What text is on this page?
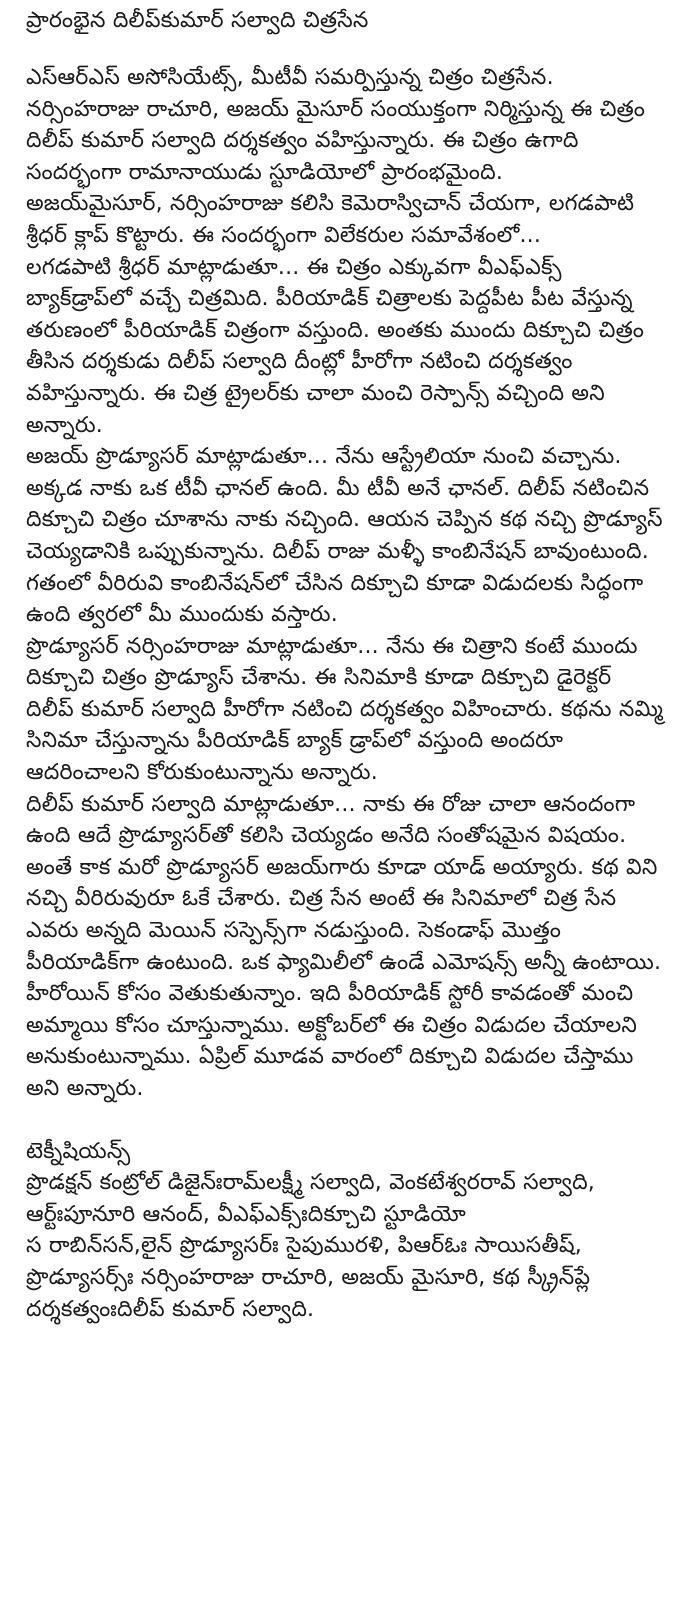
ప్రారంభైన దిలీప్‌కుమార్ సల్వాది చిత్రసేన

ఎస్ఆర్ఎస్ అసోసియేట్స్, మీటీవీ సమర్పిస్తున్న చిత్రం చిత్రసేన. నర్సింహరాజు రాచూరి, అజయ్ మైసూర్ సంయుక్తంగా నిర్మిస్తున్న ఈ చిత్రం దిలీప్ కుమార్ సల్వాది దర్శకత్వం వహిస్తున్నారు. ఈ చిత్రం ఉగాది సందర్భంగా రామానాయుడు స్టూడియోలో ప్రారంభమైంది.

అజయ్‌మైసూర్, నర్సింహరాజు కలిసి కెమెరాస్విచాన్ చేయగా, లగడపాటి శ్రీధర్ క్లాప్ కొట్టారు. ఈ సందర్భంగా విలేకరుల సమావేశంలో...

లగడపాటి శ్రీధర్ మాట్లాడుతూ... ఈ చిత్రం ఎక్కువగా వీఎఫ్ఎక్స్ బ్యాక్‌డ్రాప్‌లో వచ్చే చిత్రమిది. పీరియాడిక్ చిత్రాలకు పెద్దపీట పీట వేస్తున్న తరుణంలో పీరియాడిక్ చిత్రంగా వస్తుంది. అంతకు ముందు దిక్చూచి చిత్రం తీసిన దర్శకుడు దిలీప్ సల్వాది దీంట్లో హీరోగా నటించి దర్శకత్వం వహిస్తున్నారు. ఈ చిత్ర ట్రైలర్‌కు చాలా మంచి రెస్పాన్స్ వచ్చింది అని అన్నారు.

అజయ్ ప్రొడ్యూసర్ మాట్లాడుతూ... నేను ఆస్ట్రేలియా నుంచి వచ్చాను. అక్కడ నాకు ఒక టీవీ ఛానల్ ఉంది. మీ టీవీ అనే ఛానల్. దిలీప్ నటించిన దిక్చూచి చిత్రం చూశాను నాకు నచ్చింది. ఆయన చెప్పిన కథ నచ్చి ప్రొడ్యూస్ చెయ్యడానికి ఒప్పుకున్నాను. దిలీప్ రాజు మళ్ళీ కాంబినేషన్ బావుంటుంది. గతంలో వీరిరువి కాంబినేషన్‌లో చేసిన దిక్చూచి కూడా విడుదలకు సిద్ధంగా ఉంది త్వరలో మీ ముందుకు వస్తారు.

ప్రొడ్యూసర్ నర్సింహరాజు మాట్లాడుతూ... నేను ఈ చిత్రాని కంటే ముందు దిక్చూచి చిత్రం ప్రొడ్యూస్ చేశాను. ఈ సినిమాకి కూడా దిక్చూచి డైరెక్టర్ దిలీప్ కుమార్ సల్వాది హీరోగా నటించి దర్శకత్వం విహించారు. కథను నమ్మి సినిమా చేస్తున్నాను పీరియాడిక్ బ్యాక్ డ్రాప్‌లో వస్తుంది అందరూ ఆదరించాలని కోరుకుంటున్నాను అన్నారు.

దిలీప్ కుమార్ సల్వాది మాట్లాడుతూ... నాకు ఈ రోజు చాలా ఆనందంగా ఉంది ఆదే ప్రొడ్యూసర్‌తో కలిసి చెయ్యడం అనేది సంతోషమైన విషయం. అంతే కాక మరో ప్రొడ్యూసర్ అజయ్‌గారు కూడా యాడ్ అయ్యారు. కథ విని నచ్చి వీరిరువురూ ఓకే చేశారు. చిత్ర సేన అంటే ఈ సినిమాలో చిత్ర సేన ఎవరు అన్నది మెయిన్ సస్పెన్స్‌గా నడుస్తుంది. సెకండాఫ్ మొత్తం పీరియాడిక్‌గా ఉంటుంది. ఒక ఫ్యామిలీలో ఉండే ఎమోషన్స్ అన్నీ ఉంటాయి. హీరోయిన్ కోసం వెతుకుతున్నాం. ఇది పీరియాడిక్ స్టోరీ కావడంతో మంచి అమ్మాయి కోసం చూస్తున్నాము. అక్టోబర్‌లో ఈ చిత్రం విడుదల చేయాలని అనుకుంటున్నాము. ఏప్రిల్ మూడవ వారంలో దిక్చూచి విడుదల చేస్తాము అని అన్నారు.

టెక్నీషియన్స్

ప్రొడక్షన్ కంట్రోల్ డిజైన్ఃరామ్‌లక్ష్మీ సల్వాది, వెంకటేశ్వరరావ్ సల్వాది, ఆర్ట్ఃపూనూరి ఆనంద్, వీఎఫ్ఎక్స్ఃదిక్చూచి స్టూడియో

స రాబిన్‌సన్,లైన్ ప్రొడ్యూసర్ః సైపుమురళి, పిఆర్ఓః సాయిసతీష్, ప్రొడ్యూసర్స్ః నర్సింహరాజు రాచూరి, అజయ్ మైసూరి, కథ స్క్రీన్‌ప్లే దర్శకత్వంఃదిలీప్ కుమార్ సల్వాది.
